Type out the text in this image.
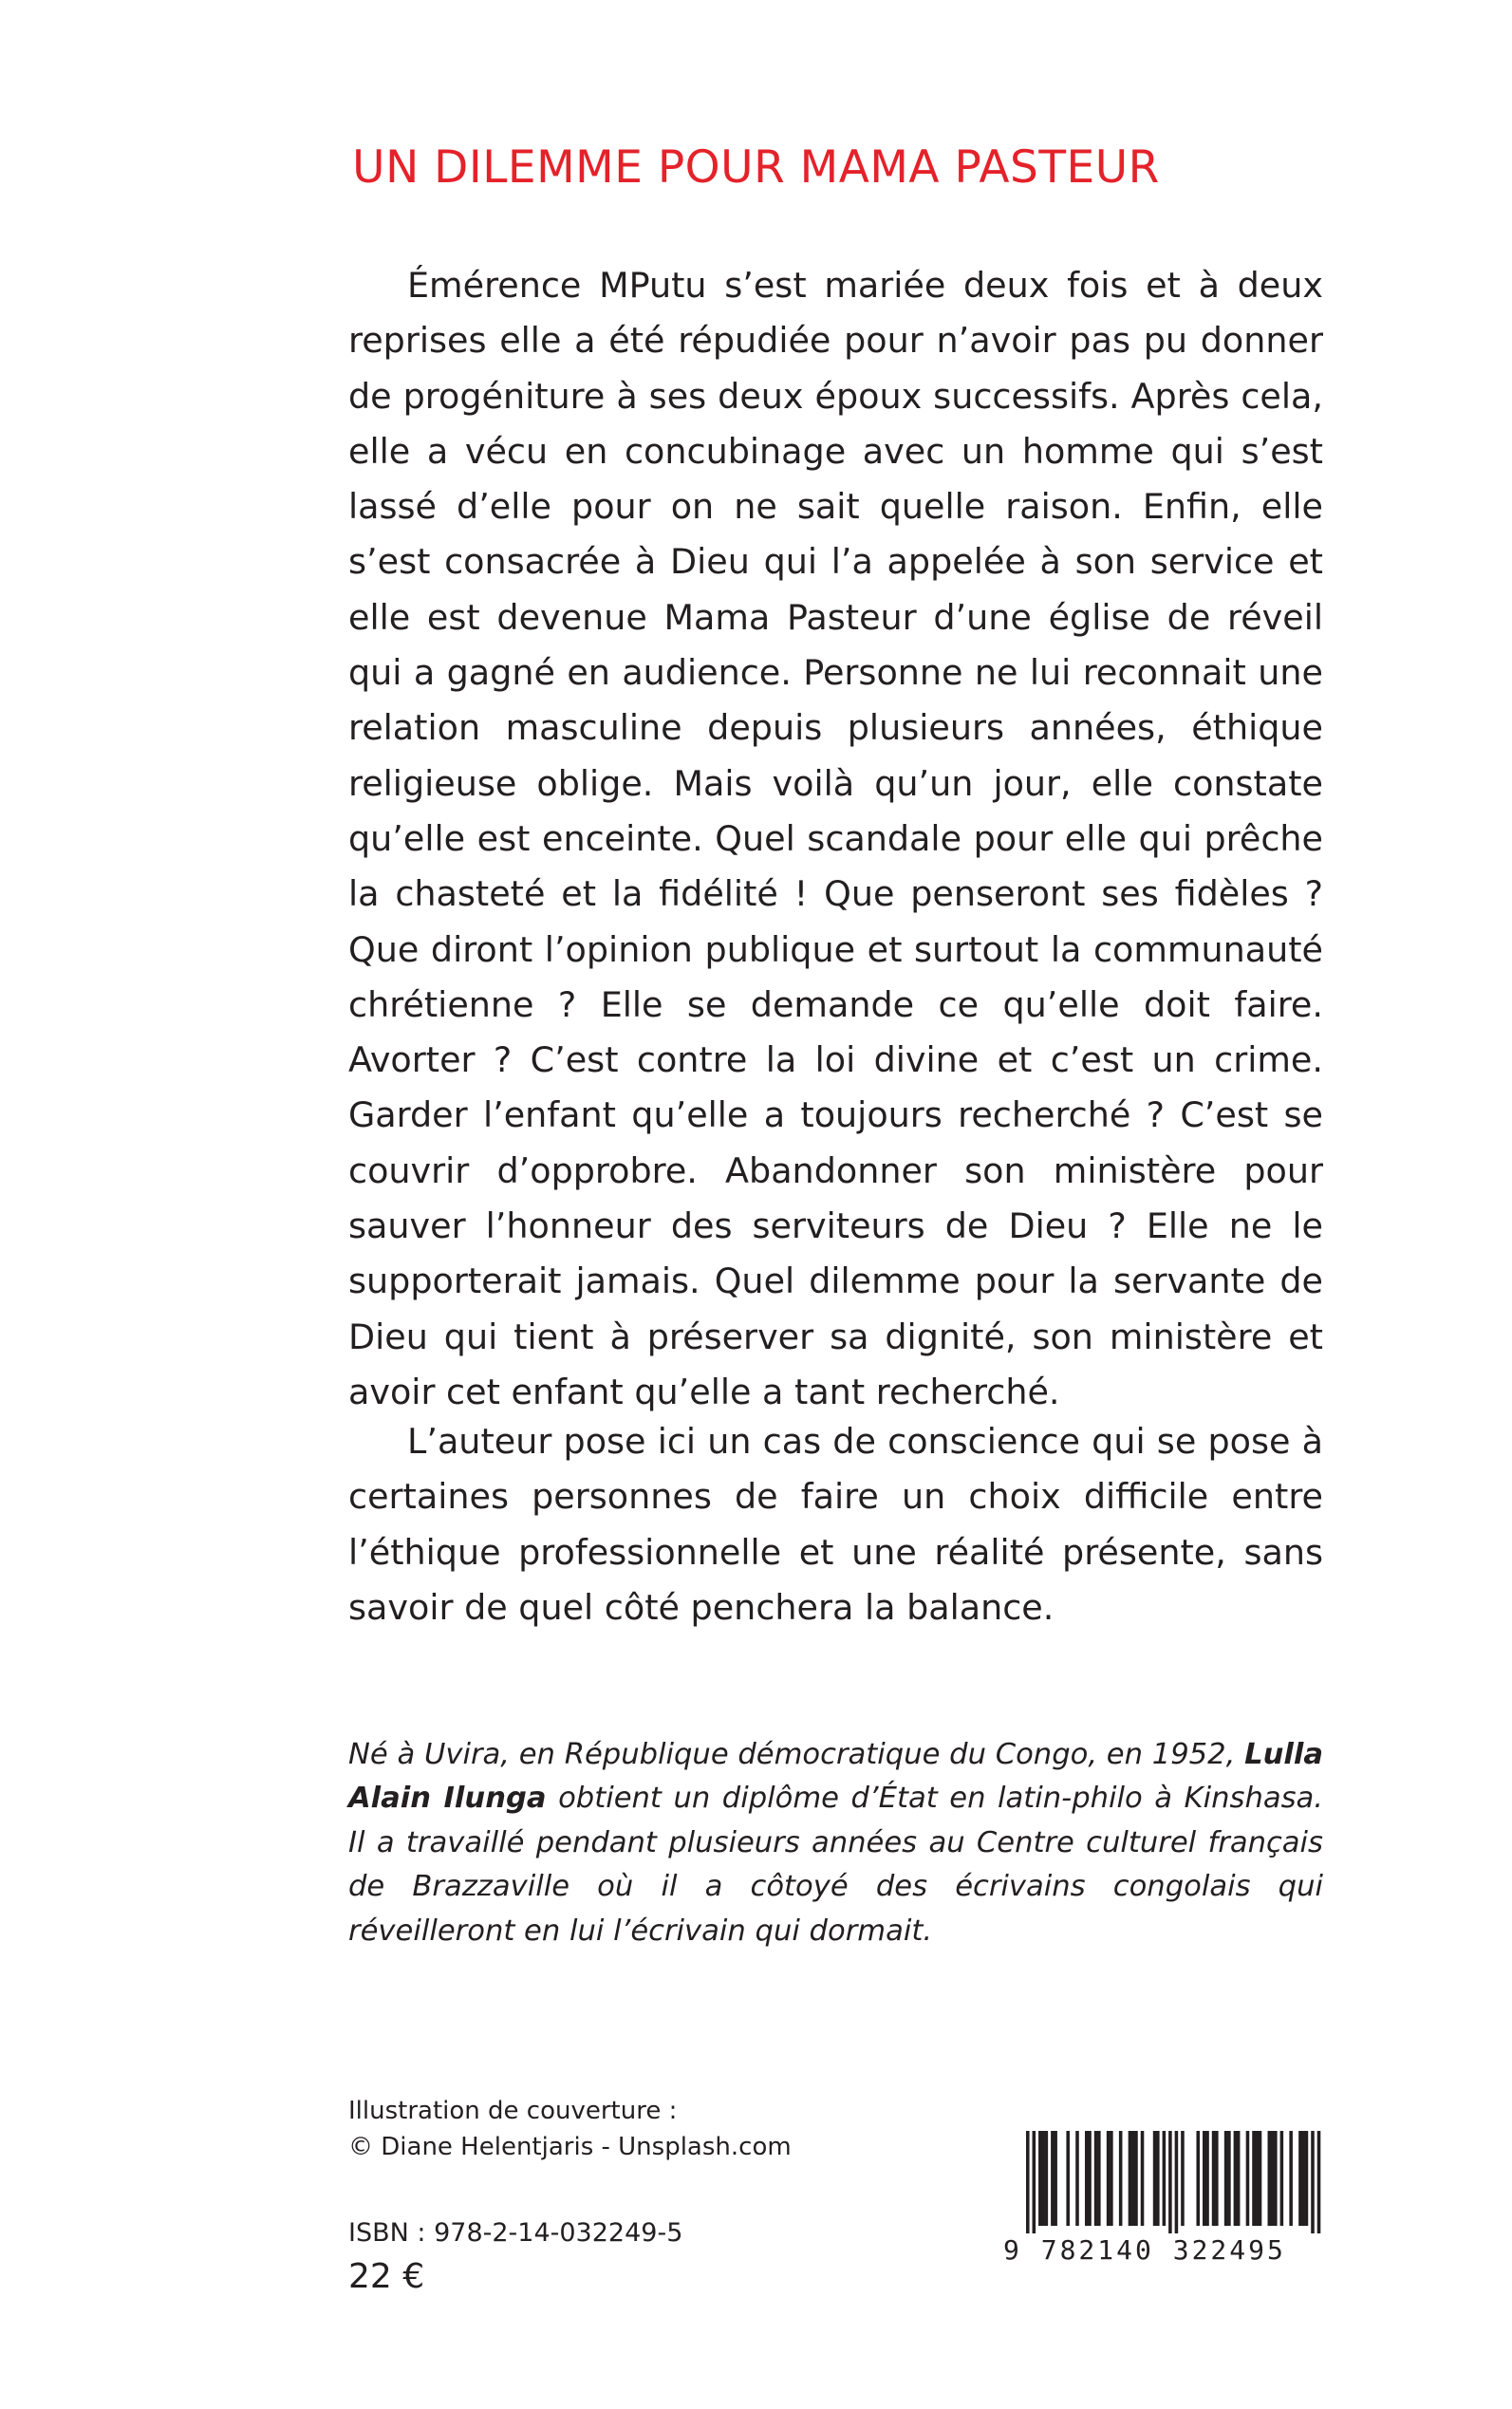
UN DILEMME POUR MAMA PASTEUR

Émérence MPutu s’est mariée deux fois et à deux reprises elle a été répudiée pour n’avoir pas pu donner de progéniture à ses deux époux successifs. Après cela, elle a vécu en concubinage avec un homme qui s’est lassé d’elle pour on ne sait quelle raison. Enfin, elle s’est consacrée à Dieu qui l’a appelée à son service et elle est devenue Mama Pasteur d’une église de réveil qui a gagné en audience. Personne ne lui reconnait une relation masculine depuis plusieurs années, éthique religieuse oblige. Mais voilà qu’un jour, elle constate qu’elle est enceinte. Quel scandale pour elle qui prêche la chasteté et la fidélité ! Que penseront ses fidèles ? Que diront l’opinion publique et surtout la communauté chrétienne ? Elle se demande ce qu’elle doit faire. Avorter ? C’est contre la loi divine et c’est un crime. Garder l’enfant qu’elle a toujours recherché ? C’est se couvrir d’opprobre. Abandonner son ministère pour sauver l’honneur des serviteurs de Dieu ? Elle ne le supporterait jamais. Quel dilemme pour la servante de Dieu qui tient à préserver sa dignité, son ministère et avoir cet enfant qu’elle a tant recherché.

L’auteur pose ici un cas de conscience qui se pose à certaines personnes de faire un choix difficile entre l’éthique professionnelle et une réalité présente, sans savoir de quel côté penchera la balance.

Né à Uvira, en République démocratique du Congo, en 1952, Lulla Alain Ilunga obtient un diplôme d’État en latin-philo à Kinshasa. Il a travaillé pendant plusieurs années au Centre culturel français de Brazzaville où il a côtoyé des écrivains congolais qui réveilleront en lui l’écrivain qui dormait.

Illustration de couverture :
© Diane Helentjaris - Unsplash.com
ISBN : 978-2-14-032249-5
22 €
9 782140 322495
